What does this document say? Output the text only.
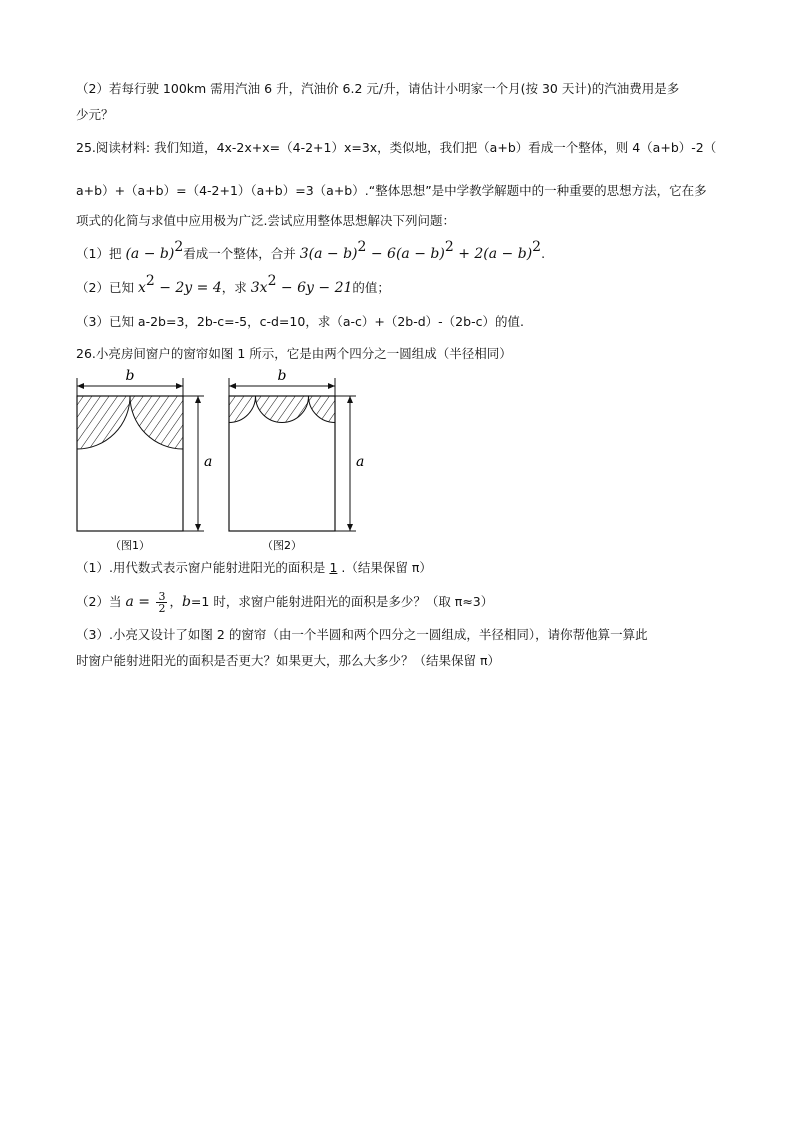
（2）若每行驶 100km 需用汽油 6 升，汽油价 6.2 元/升，请估计小明家一个月(按 30 天计)的汽油费用是多
少元？
25.阅读材料: 我们知道，4x-2x+x=（4-2+1）x=3x，类似地，我们把（a+b）看成一个整体，则 4（a+b）-2（
a+b）+（a+b）=（4-2+1）（a+b）=3（a+b）.“整体思想”是中学教学解题中的一种重要的思想方法，它在多
项式的化简与求值中应用极为广泛.尝试应用整体思想解决下列问题：
（1）把 $(a - b)^2$看成一个整体，合并 $3(a - b)^2 - 6(a - b)^2 + 2(a - b)^2$.
（2）已知 $x^2 - 2y = 4$，求 $3x^2 - 6y - 21$的值；
（3）已知 a-2b=3，2b-c=-5，c-d=10，求（a-c）+（2b-d）-（2b-c）的值.
26.小亮房间窗户的窗帘如图 1 所示，它是由两个四分之一圆组成（半径相同）
b
a
（图1）
b
a
（图2）
（1）.用代数式表示窗户能射进阳光的面积是 1 .（结果保留 π）
（2）当 $a = \frac{3}{2}$ ，b=1 时，求窗户能射进阳光的面积是多少？（取 π≈3）
（3）.小亮又设计了如图 2 的窗帘（由一个半圆和两个四分之一圆组成，半径相同），请你帮他算一算此
时窗户能射进阳光的面积是否更大？如果更大，那么大多少？（结果保留 π）
